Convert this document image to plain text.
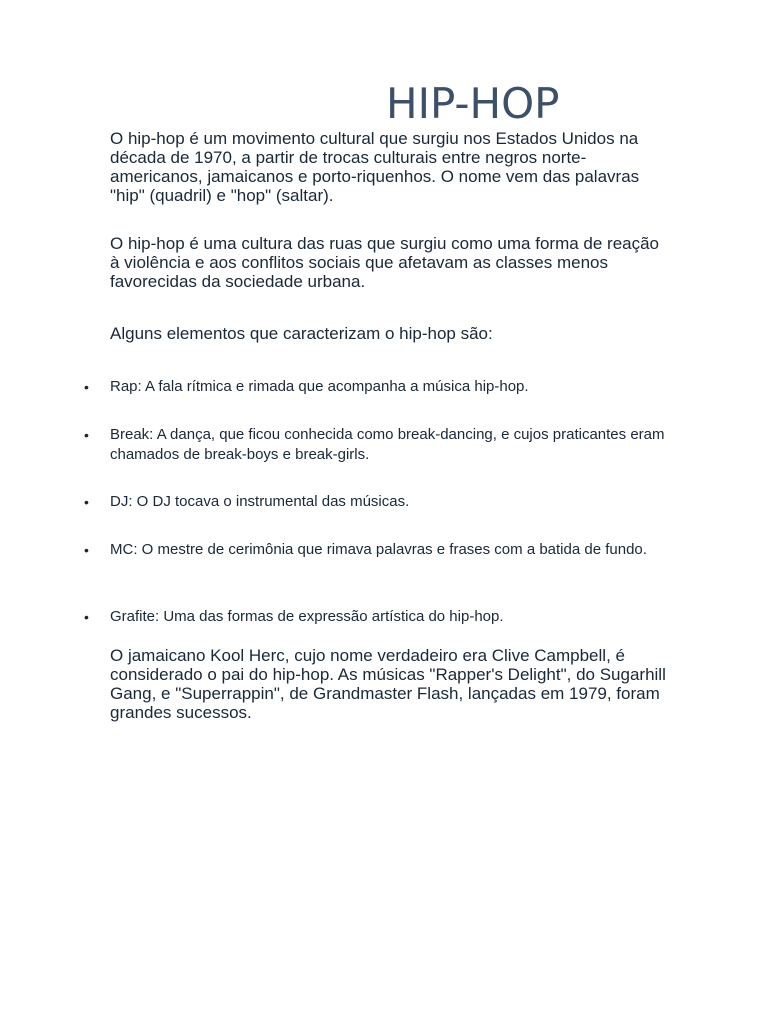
HIP-HOP

O hip-hop é um movimento cultural que surgiu nos Estados Unidos na década de 1970, a partir de trocas culturais entre negros norte-americanos, jamaicanos e porto-riquenhos. O nome vem das palavras "hip" (quadril) e "hop" (saltar).

O hip-hop é uma cultura das ruas que surgiu como uma forma de reação à violência e aos conflitos sociais que afetavam as classes menos favorecidas da sociedade urbana.

Alguns elementos que caracterizam o hip-hop são:

•	Rap: A fala rítmica e rimada que acompanha a música hip-hop.

•	Break: A dança, que ficou conhecida como break-dancing, e cujos praticantes eram chamados de break-boys e break-girls.

•	DJ: O DJ tocava o instrumental das músicas.

•	MC: O mestre de cerimônia que rimava palavras e frases com a batida de fundo.

•	Grafite: Uma das formas de expressão artística do hip-hop.

O jamaicano Kool Herc, cujo nome verdadeiro era Clive Campbell, é considerado o pai do hip-hop. As músicas "Rapper's Delight", do Sugarhill Gang, e "Superrappin", de Grandmaster Flash, lançadas em 1979, foram grandes sucessos.
